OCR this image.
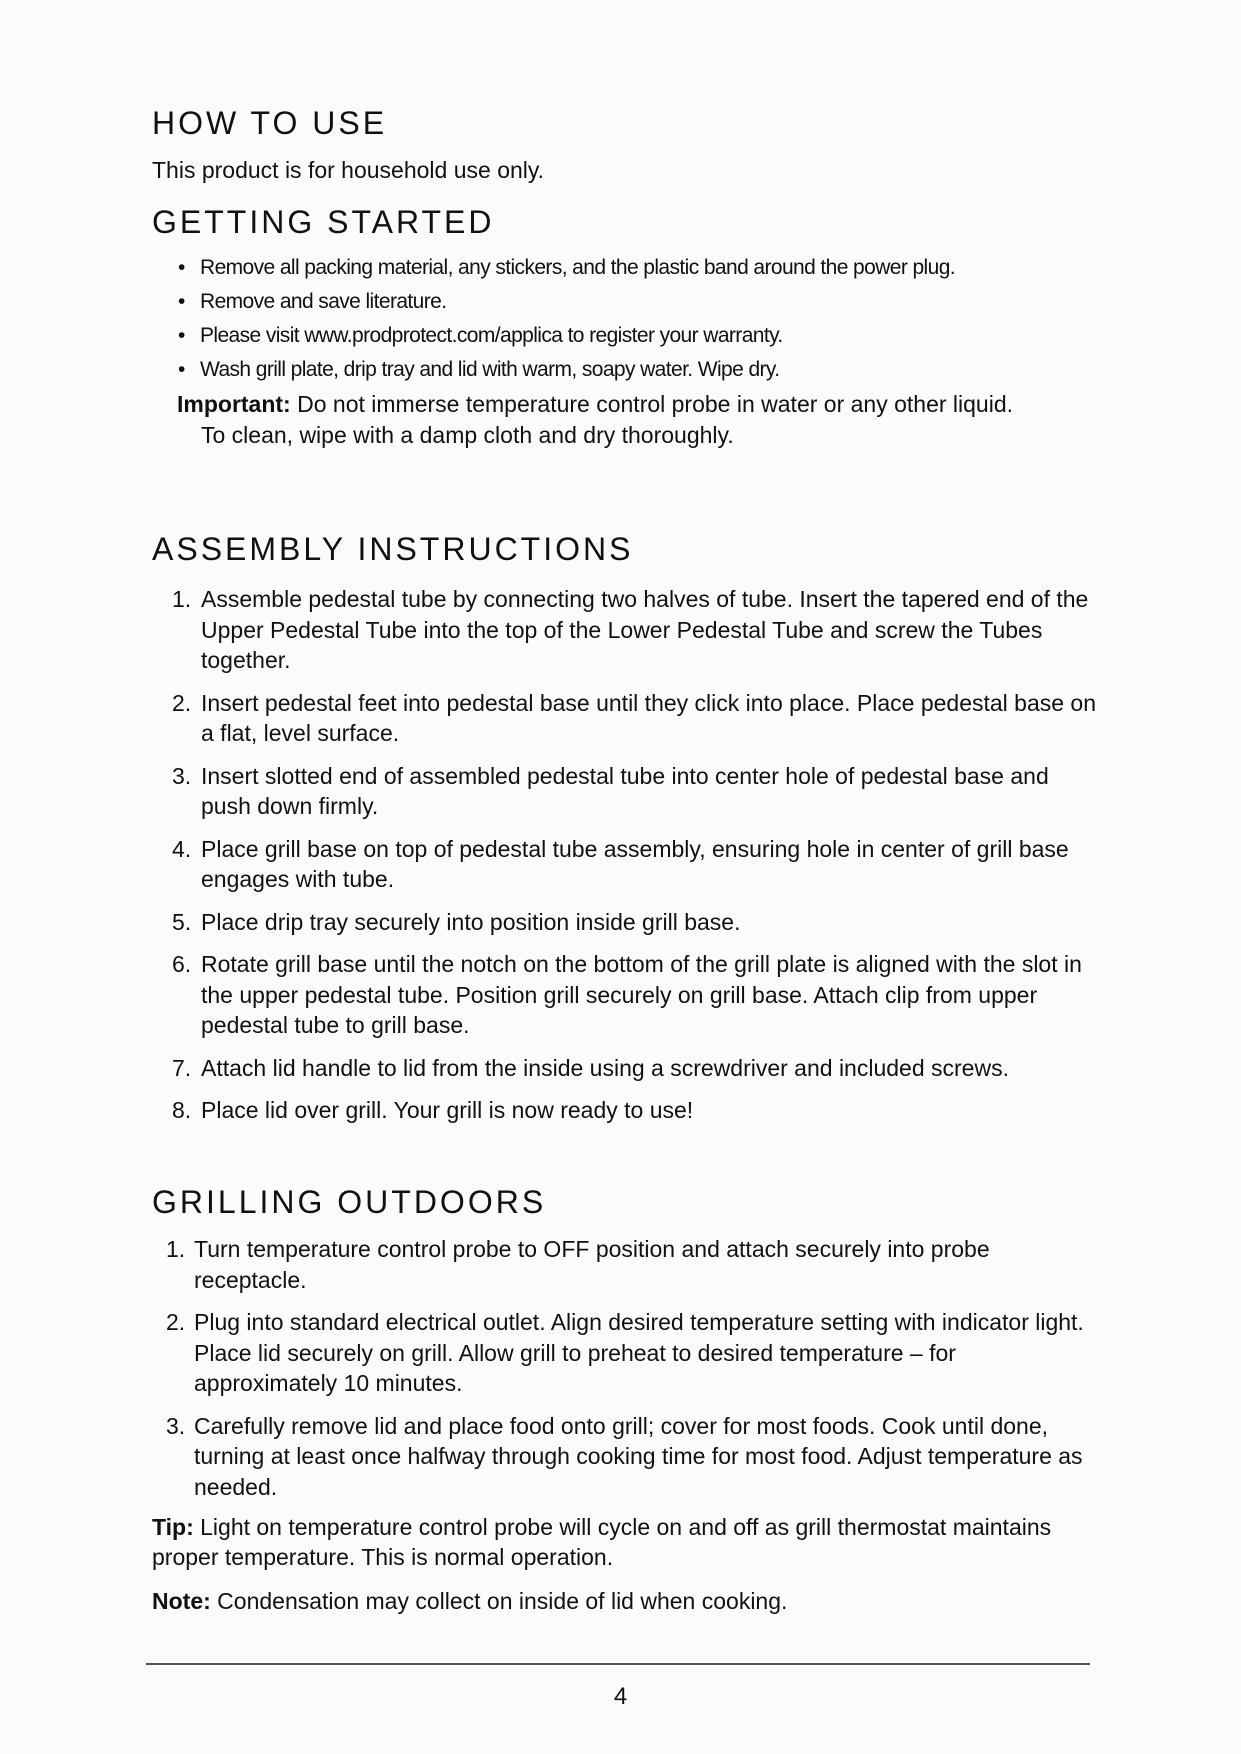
HOW TO USE

This product is for household use only.

GETTING STARTED
• Remove all packing material, any stickers, and the plastic band around the power plug.
• Remove and save literature.
• Please visit www.prodprotect.com/applica to register your warranty.
• Wash grill plate, drip tray and lid with warm, soapy water. Wipe dry.
Important: Do not immerse temperature control probe in water or any other liquid.
To clean, wipe with a damp cloth and dry thoroughly.
ASSEMBLY INSTRUCTIONS
1. Assemble pedestal tube by connecting two halves of tube. Insert the tapered end of the Upper Pedestal Tube into the top of the Lower Pedestal Tube and screw the Tubes together.
2. Insert pedestal feet into pedestal base until they click into place. Place pedestal base on a flat, level surface.
3. Insert slotted end of assembled pedestal tube into center hole of pedestal base and push down firmly.
4. Place grill base on top of pedestal tube assembly, ensuring hole in center of grill base engages with tube.
5. Place drip tray securely into position inside grill base.
6. Rotate grill base until the notch on the bottom of the grill plate is aligned with the slot in the upper pedestal tube. Position grill securely on grill base. Attach clip from upper pedestal tube to grill base.
7. Attach lid handle to lid from the inside using a screwdriver and included screws.
8. Place lid over grill. Your grill is now ready to use!
GRILLING OUTDOORS
1. Turn temperature control probe to OFF position and attach securely into probe receptacle.
2. Plug into standard electrical outlet. Align desired temperature setting with indicator light. Place lid securely on grill. Allow grill to preheat to desired temperature – for approximately 10 minutes.
3. Carefully remove lid and place food onto grill; cover for most foods. Cook until done, turning at least once halfway through cooking time for most food. Adjust temperature as needed.

Tip: Light on temperature control probe will cycle on and off as grill thermostat maintains proper temperature. This is normal operation.

Note: Condensation may collect on inside of lid when cooking.

4
